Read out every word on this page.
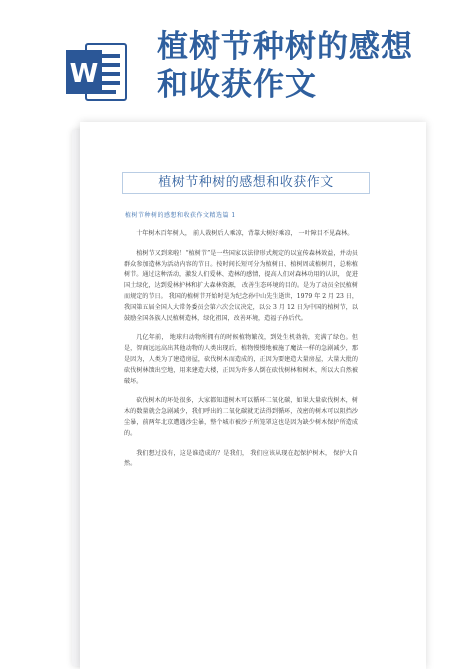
W
植树节种树的感想
和收获作文
植树节种树的感想和收获作文
植树节种树的感想和收获作文精选篇 1

十年树木百年树人， 前人栽树后人乘凉，背靠大树好乘凉， 一叶障目不见森林。

植树节又到来啦！“植树节”是一些国家以法律形式规定的以宣传森林效益，并动员群众参加造林为活动内容的节日。按时间长短可分为植树日、植树周或植树月，总称植树节。通过这种活动，激发人们爱林、造林的感情，提高人们对森林功用的认识， 促进国土绿化，达到爱林护林和扩大森林资源， 改善生态环境的目的。是为了动员全民植树而规定的节日。 我国的植树节开始时是为纪念孙中山先生逝世，1979 年 2 月 23 日，我国第五届全国人大常务委员会第六次会议决定，以公 3 月 12 日为中国的植树节，以鼓励全国各族人民植树造林，绿化祖国，改善环境，造福子孙后代。

几亿年前， 地球归动物所拥有的时候植物繁茂，到处生机勃勃，充满了绿色。但是，智商远远高出其他动物的人类出现后，植物慢慢地被施了魔法一样的急剧减少，那是因为，人类为了建造房屋，砍伐树木而造成的，正因为要建造大量房屋，大量大批的砍伐树林馈出空地，用来建造大楼，正因为许多人倒在砍伐树林和树木，所以大自然被破坏。

砍伐树木的坏处很多，大家都知道树木可以循环二氧化碳，如果大量砍伐树木，树木的数量就会急剧减少，我们呼出的二氧化碳就无法得到循环，茂密的树木可以阻挡沙尘暴，前两年北京遭遇沙尘暴，整个城市被沙子所笼罩这也是因为缺少树木保护所造成的。

我们想过没有，这是谁造成的？是我们， 我们应该从现在起保护树木， 保护大自然。
